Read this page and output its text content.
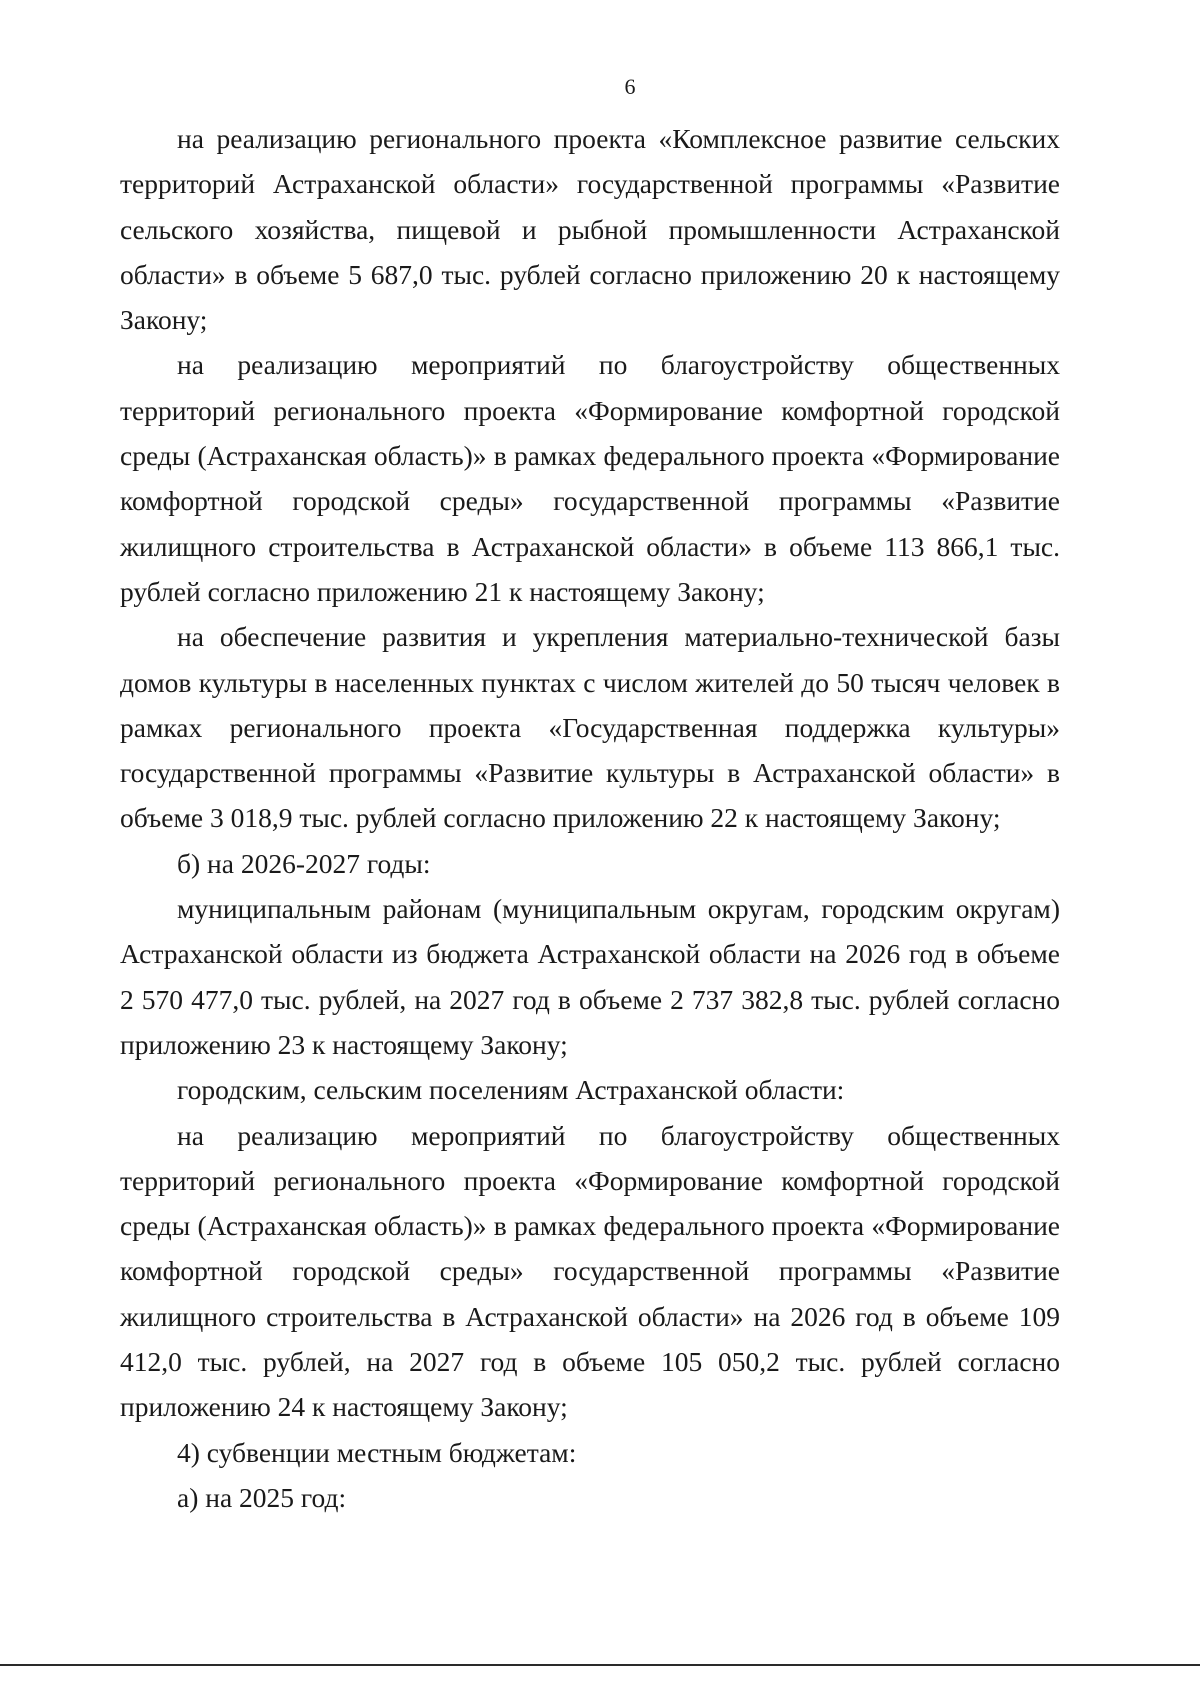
6

на реализацию регионального проекта «Комплексное развитие сельских территорий Астраханской области» государственной программы «Развитие сельского хозяйства, пищевой и рыбной промышленности Астраханской области» в объеме 5 687,0 тыс. рублей согласно приложению 20 к настоящему Закону;

на реализацию мероприятий по благоустройству общественных территорий регионального проекта «Формирование комфортной городской среды (Астраханская область)» в рамках федерального проекта «Формирование комфортной городской среды» государственной программы «Развитие жилищного строительства в Астраханской области» в объеме 113 866,1 тыс. рублей согласно приложению 21 к настоящему Закону;

на обеспечение развития и укрепления материально-технической базы домов культуры в населенных пунктах с числом жителей до 50 тысяч человек в рамках регионального проекта «Государственная поддержка культуры» государственной программы «Развитие культуры в Астраханской области» в объеме 3 018,9 тыс. рублей согласно приложению 22 к настоящему Закону;

б) на 2026-2027 годы:

муниципальным районам (муниципальным округам, городским округам) Астраханской области из бюджета Астраханской области на 2026 год в объеме 2 570 477,0 тыс. рублей, на 2027 год в объеме 2 737 382,8 тыс. рублей согласно приложению 23 к настоящему Закону;

городским, сельским поселениям Астраханской области:

на реализацию мероприятий по благоустройству общественных территорий регионального проекта «Формирование комфортной городской среды (Астраханская область)» в рамках федерального проекта «Формирование комфортной городской среды» государственной программы «Развитие жилищного строительства в Астраханской области» на 2026 год в объеме 109 412,0 тыс. рублей, на 2027 год в объеме 105 050,2 тыс. рублей согласно приложению 24 к настоящему Закону;

4) субвенции местным бюджетам:

а) на 2025 год:
